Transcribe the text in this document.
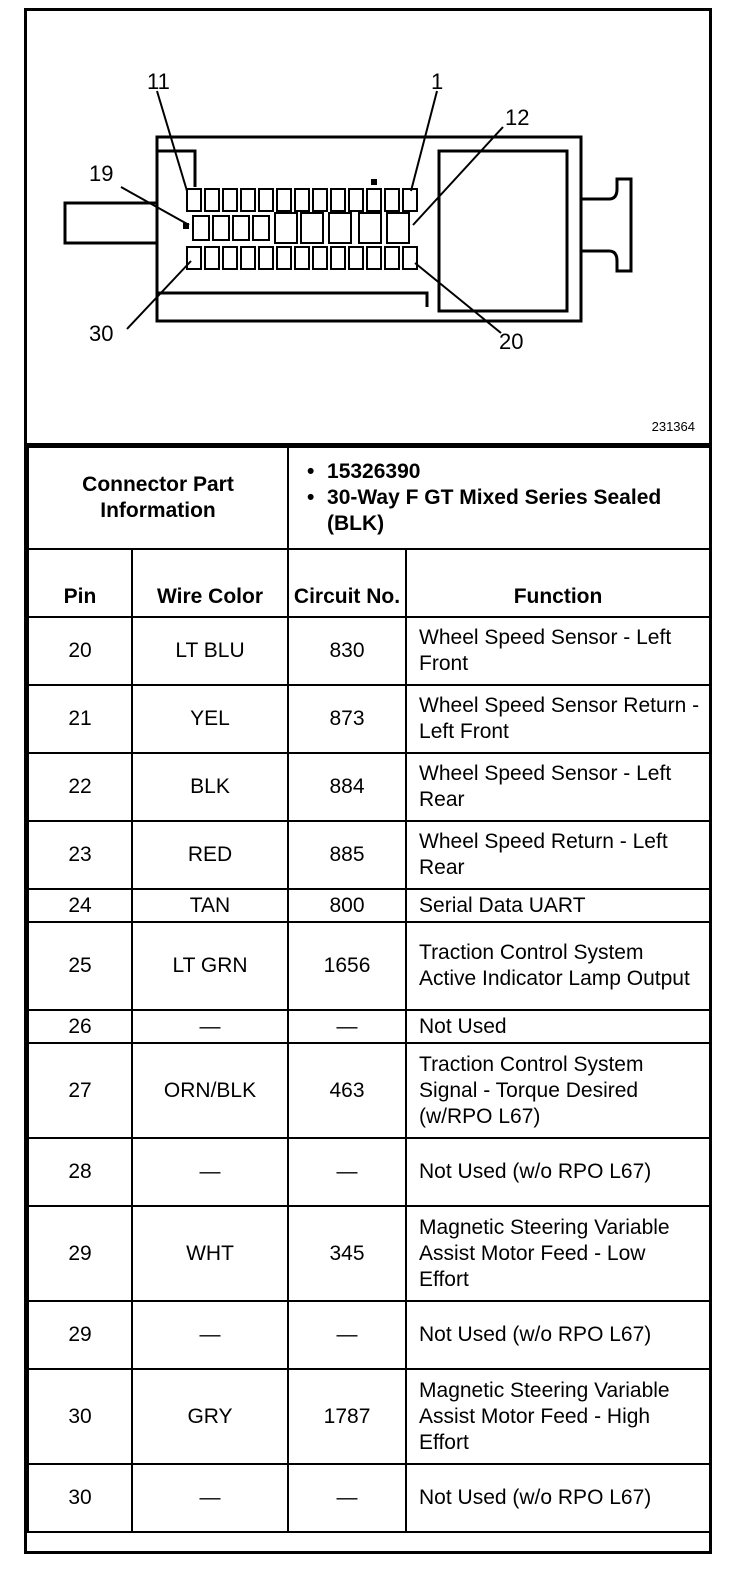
11	1
12
19
30	20
231364
Connector Part Information		• 15326390
• 30-Way F GT Mixed Series Sealed (BLK)

Pin	Wire Color	Circuit No.	Function
20	LT BLU	830	Wheel Speed Sensor - Left Front
21	YEL	873	Wheel Speed Sensor Return - Left Front
22	BLK	884	Wheel Speed Sensor - Left Rear
23	RED	885	Wheel Speed Return - Left Rear
24	TAN	800	Serial Data UART
25	LT GRN	1656	Traction Control System Active Indicator Lamp Output
26	—	—	Not Used
27	ORN/BLK	463	Traction Control System Signal - Torque Desired (w/RPO L67)
28	—	—	Not Used (w/o RPO L67)
29	WHT	345	Magnetic Steering Variable Assist Motor Feed - Low Effort
29	—	—	Not Used (w/o RPO L67)
30	GRY	1787	Magnetic Steering Variable Assist Motor Feed - High Effort
30	—	—	Not Used (w/o RPO L67)
